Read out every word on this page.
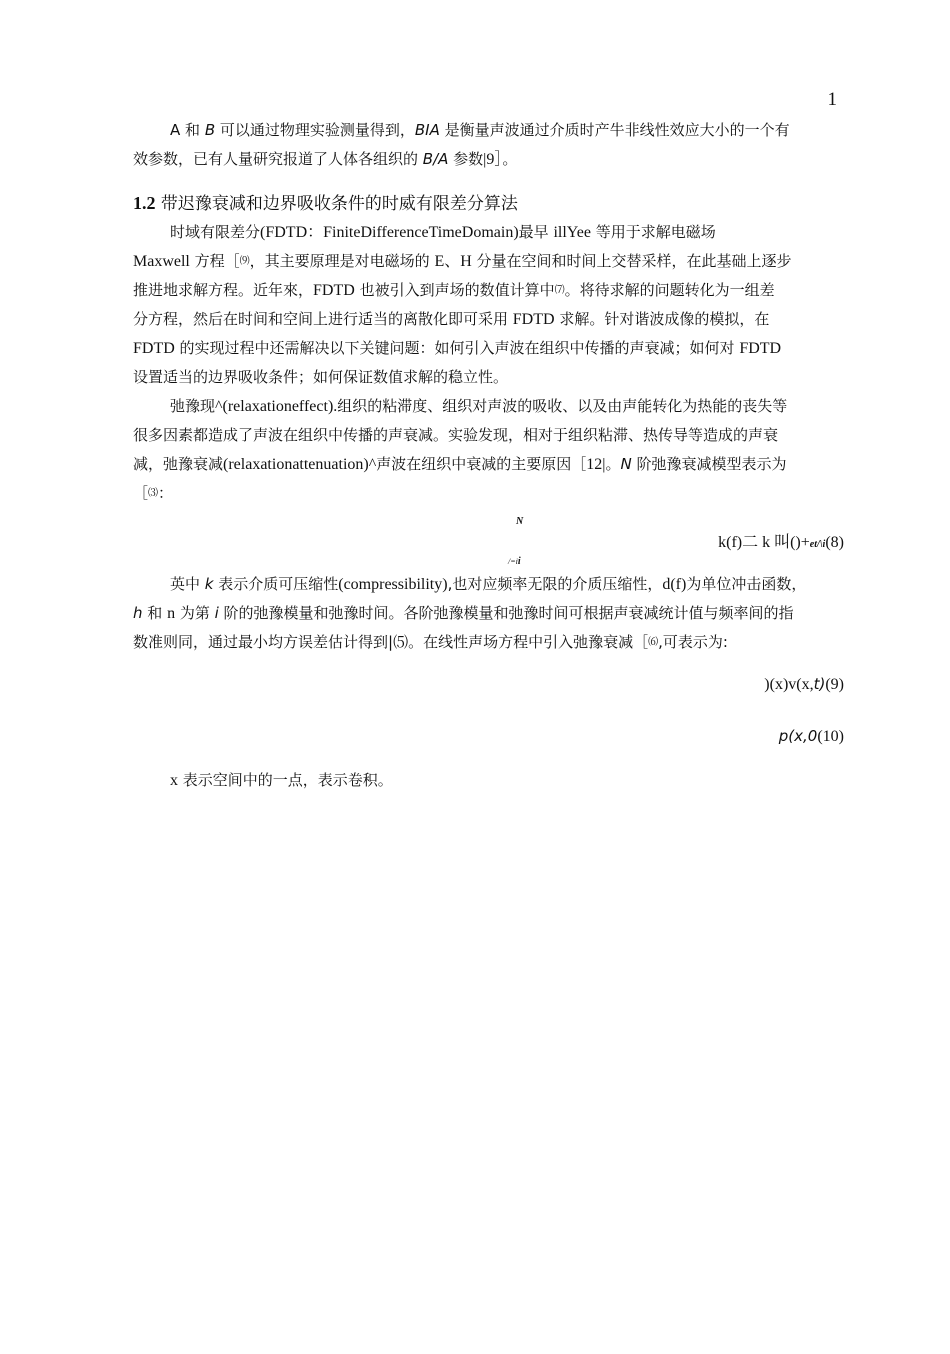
1
A 和 B 可以通过物理实验测量得到，BIA 是衡量声波通过介质时产牛非线性效应大小的一个有
效参数，已有人量研究报道了人体各组织的 B/A 参数|9］。
1.2 带迟豫衰减和边界吸收条件的时威有限差分算法
时域有限差分(FDTD：FiniteDifferenceTimeDomain)最早 illYee 等用于求解电磁场
Maxwell 方程［⑼，其主要原理是对电磁场的 E、H 分量在空间和时间上交替采样，在此基础上逐步
推进地求解方程。近年來，FDTD 也被引入到声场的数值计算中⑺。将待求解的问题转化为一组差
分方程，然后在时间和空间上进行适当的离散化即可采用 FDTD 求解。针对谐波成像的模拟，在
FDTD 的实现过程中还需解决以下关键问题：如何引入声波在组织中传播的声衰减；如何对 FDTD
设置适当的边界吸收条件；如何保证数值求解的稳立性。
弛豫现^(relaxationeffect).组织的粘滞度、组织对声波的吸收、以及由声能转化为热能的丧失等
很多因素都造成了声波在组织中传播的声衰减。实验发现，相对于组织粘滞、热传导等造成的声衰
减，弛豫衰减(relaxationattenuation)^声波在纽织中衰减的主要原因［12|。N 阶弛豫衰减模型表示为
［⑶：
N
k(f)二 k 叫()+et/\i(8)
/=ii
英中 k 表示介质可压缩性(compressibility),也对应频率无限的介质压缩性，d(f)为单位冲击函数，
h 和 n 为第 i 阶的弛豫模量和弛豫时间。各阶弛豫模量和弛豫时间可根据声衰减统计值与频率间的指
数准则同，通过最小均方误差估计得到|⑸。在线性声场方程中引入弛豫衰减［⑹,可表示为:
)(x)v(x,t)(9)
p(x,0(10)
x 表示空间中的一点，表示卷积。
